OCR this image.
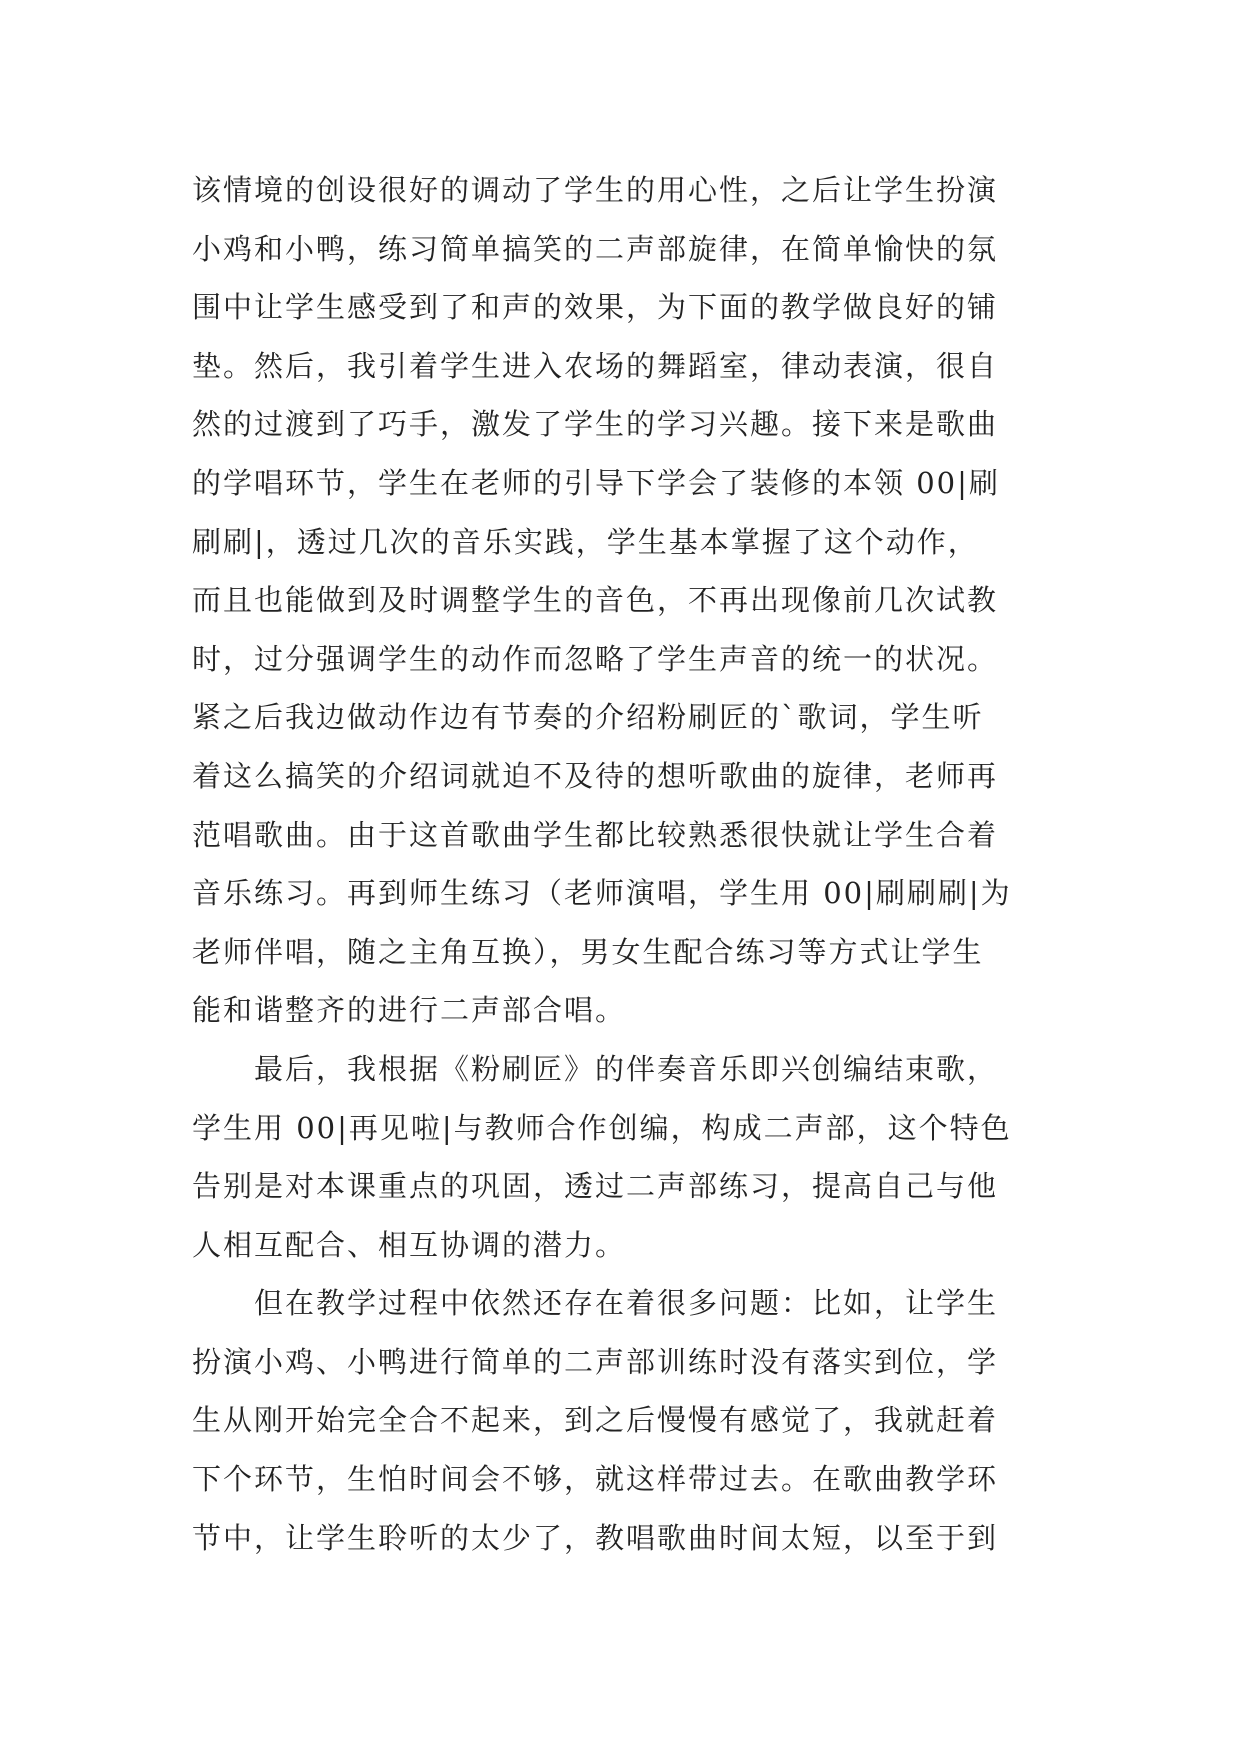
该情境的创设很好的调动了学生的用心性，之后让学生扮演
小鸡和小鸭，练习简单搞笑的二声部旋律，在简单愉快的氛
围中让学生感受到了和声的效果，为下面的教学做良好的铺
垫。然后，我引着学生进入农场的舞蹈室，律动表演，很自
然的过渡到了巧手，激发了学生的学习兴趣。接下来是歌曲
的学唱环节，学生在老师的引导下学会了装修的本领 00|刷
刷刷|，透过几次的音乐实践，学生基本掌握了这个动作，
而且也能做到及时调整学生的音色，不再出现像前几次试教
时，过分强调学生的动作而忽略了学生声音的统一的状况。
紧之后我边做动作边有节奏的介绍粉刷匠的`歌词，学生听
着这么搞笑的介绍词就迫不及待的想听歌曲的旋律，老师再
范唱歌曲。由于这首歌曲学生都比较熟悉很快就让学生合着
音乐练习。再到师生练习（老师演唱，学生用 00|刷刷刷|为
老师伴唱，随之主角互换），男女生配合练习等方式让学生
能和谐整齐的进行二声部合唱。
　　最后，我根据《粉刷匠》的伴奏音乐即兴创编结束歌，
学生用 00|再见啦|与教师合作创编，构成二声部，这个特色
告别是对本课重点的巩固，透过二声部练习，提高自己与他
人相互配合、相互协调的潜力。
　　但在教学过程中依然还存在着很多问题：比如，让学生
扮演小鸡、小鸭进行简单的二声部训练时没有落实到位，学
生从刚开始完全合不起来，到之后慢慢有感觉了，我就赶着
下个环节，生怕时间会不够，就这样带过去。在歌曲教学环
节中，让学生聆听的太少了，教唱歌曲时间太短，以至于到
